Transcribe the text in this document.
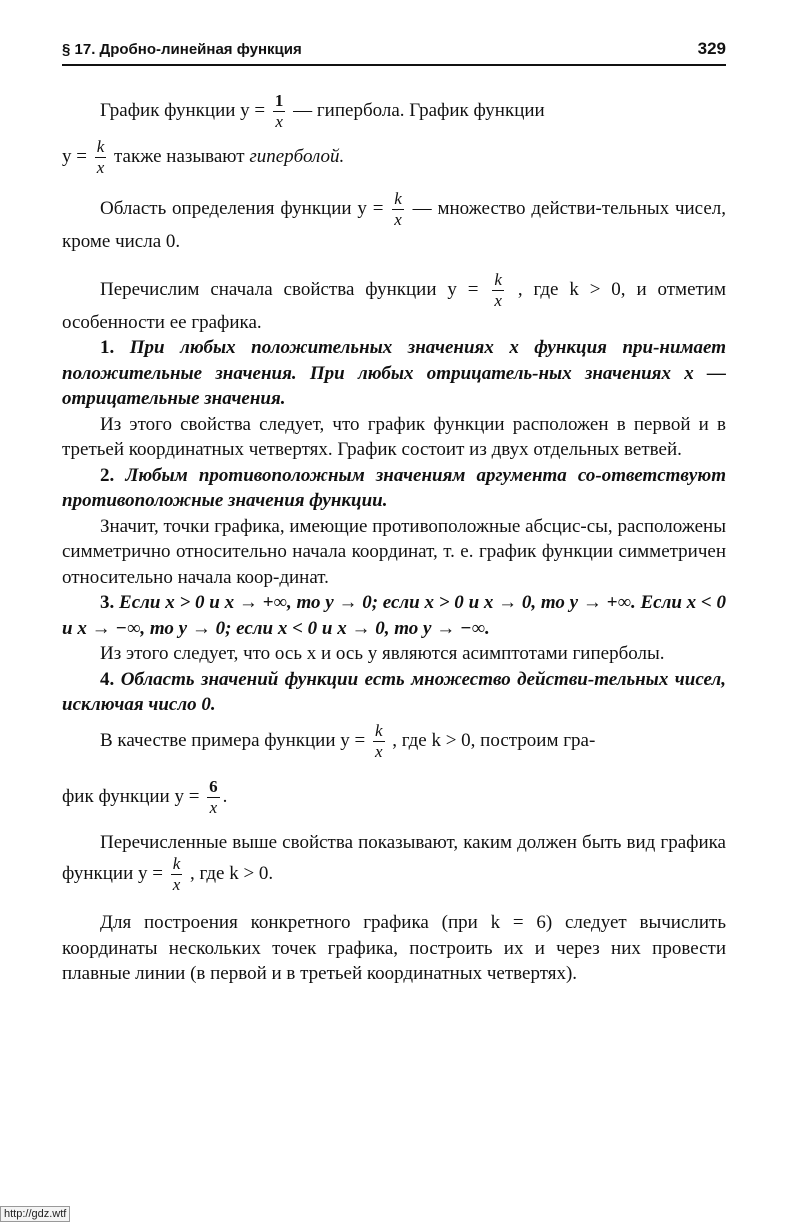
§ 17. Дробно-линейная функция	329

График функции $y = \frac{1}{x}$ — гипербола. График функции
$y = \frac{k}{x}$ также называют гиперболой.

Область определения функции $y = \frac{k}{x}$ — множество действи-тельных чисел, кроме числа 0.

Перечислим сначала свойства функции $y = \frac{k}{x}$ , где k > 0, и отметим особенности ее графика.

1. При любых положительных значениях x функция при-нимает положительные значения. При любых отрицатель-ных значениях x — отрицательные значения.

Из этого свойства следует, что график функции расположен в первой и в третьей координатных четвертях. График состоит из двух отдельных ветвей.

2. Любым противоположным значениям аргумента со-ответствуют противоположные значения функции.

Значит, точки графика, имеющие противоположные абсцис-сы, расположены симметрично относительно начала координат, т. е. график функции симметричен относительно начала коор-динат.

3. Если x > 0 и x → +∞, то y → 0; если x > 0 и x → 0, то y → +∞. Если x < 0 и x → −∞, то y → 0; если x < 0 и x → 0, то y → −∞.

Из этого следует, что ось x и ось y являются асимптотами гиперболы.

4. Область значений функции есть множество действи-тельных чисел, исключая число 0.

В качестве примера функции $y = \frac{k}{x}$ , где k > 0, построим гра-

фик функции $y = \frac{6}{x}$ .

Перечисленные выше свойства показывают, каким должен быть вид графика функции $y = \frac{k}{x}$ , где k > 0.

Для построения конкретного графика (при k = 6) следует вычислить координаты нескольких точек графика, построить их и через них провести плавные линии (в первой и в третьей координатных четвертях).

http://gdz.wtf
